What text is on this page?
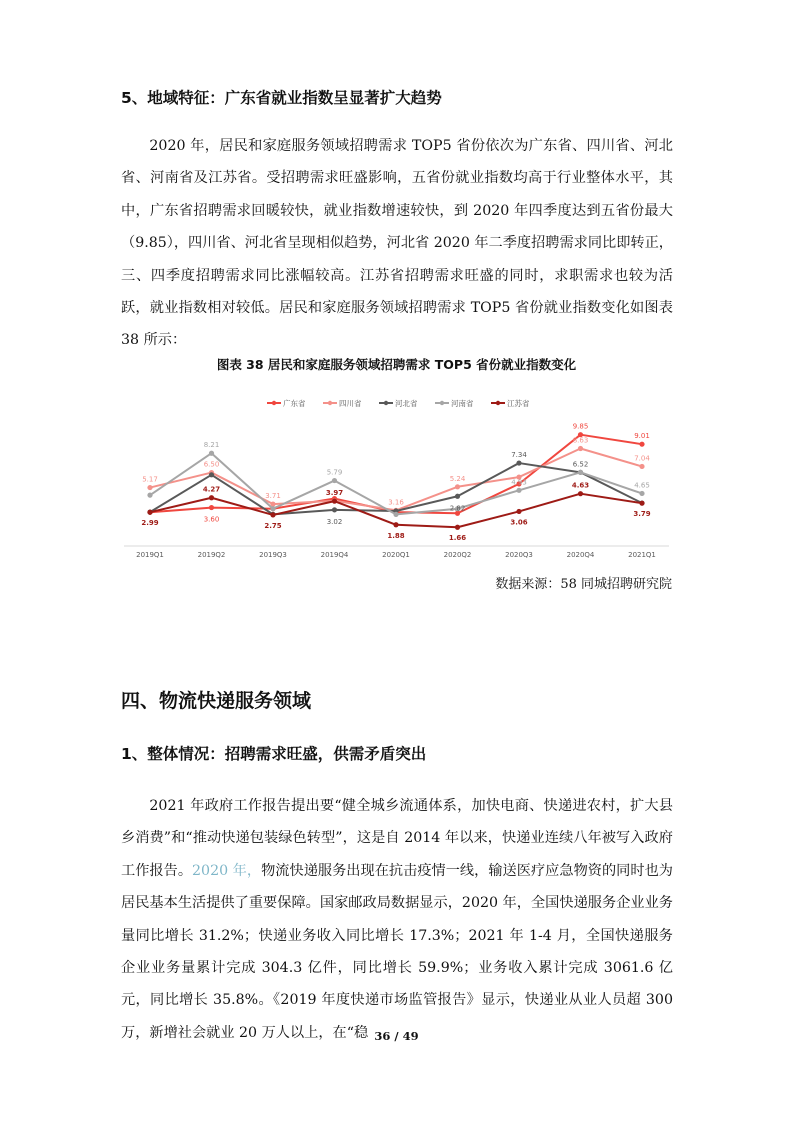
5、地域特征：广东省就业指数呈显著扩大趋势

2020 年，居民和家庭服务领域招聘需求 TOP5 省份依次为广东省、四川省、河北省、河南省及江苏省。受招聘需求旺盛影响，五省份就业指数均高于行业整体水平，其中，广东省招聘需求回暖较快，就业指数增速较快，到 2020 年四季度达到五省份最大（9.85），四川省、河北省呈现相似趋势，河北省 2020 年二季度招聘需求同比即转正，三、四季度招聘需求同比涨幅较高。江苏省招聘需求旺盛的同时，求职需求也较为活跃，就业指数相对较低。居民和家庭服务领域招聘需求 TOP5 省份就业指数变化如图表 38 所示：

图表 38 居民和家庭服务领域招聘需求 TOP5 省份就业指数变化

广东省	四川省	河北省	河南省	江苏省
2019Q1	2019Q2	2019Q3	2019Q4	2020Q1	2020Q2	2020Q3	2020Q4	2021Q1
9.85
9.01
5.17
6.50
3.71
3.16
5.24
8.63
7.04
7.34
6.52
8.21
5.79
4.93	4.65
2.99
4.27
2.75
3.97
1.88	1.66
3.06
4.63
3.79
3.60	3.02
2.82

数据来源：58 同城招聘研究院

四、物流快递服务领域
1、整体情况：招聘需求旺盛，供需矛盾突出

2021 年政府工作报告提出要“健全城乡流通体系，加快电商、快递进农村，扩大县乡消费”和“推动快递包装绿色转型”，这是自 2014 年以来，快递业连续八年被写入政府工作报告。2020 年，物流快递服务出现在抗击疫情一线，输送医疗应急物资的同时也为居民基本生活提供了重要保障。国家邮政局数据显示，2020 年，全国快递服务企业业务量同比增长 31.2%；快递业务收入同比增长 17.3%；2021 年 1-4 月，全国快递服务企业业务量累计完成 304.3 亿件，同比增长 59.9%；业务收入累计完成 3061.6 亿元，同比增长 35.8%。《2019 年度快递市场监管报告》显示，快递业从业人员超 300 万，新增社会就业 20 万人以上，在“稳 36 / 49
